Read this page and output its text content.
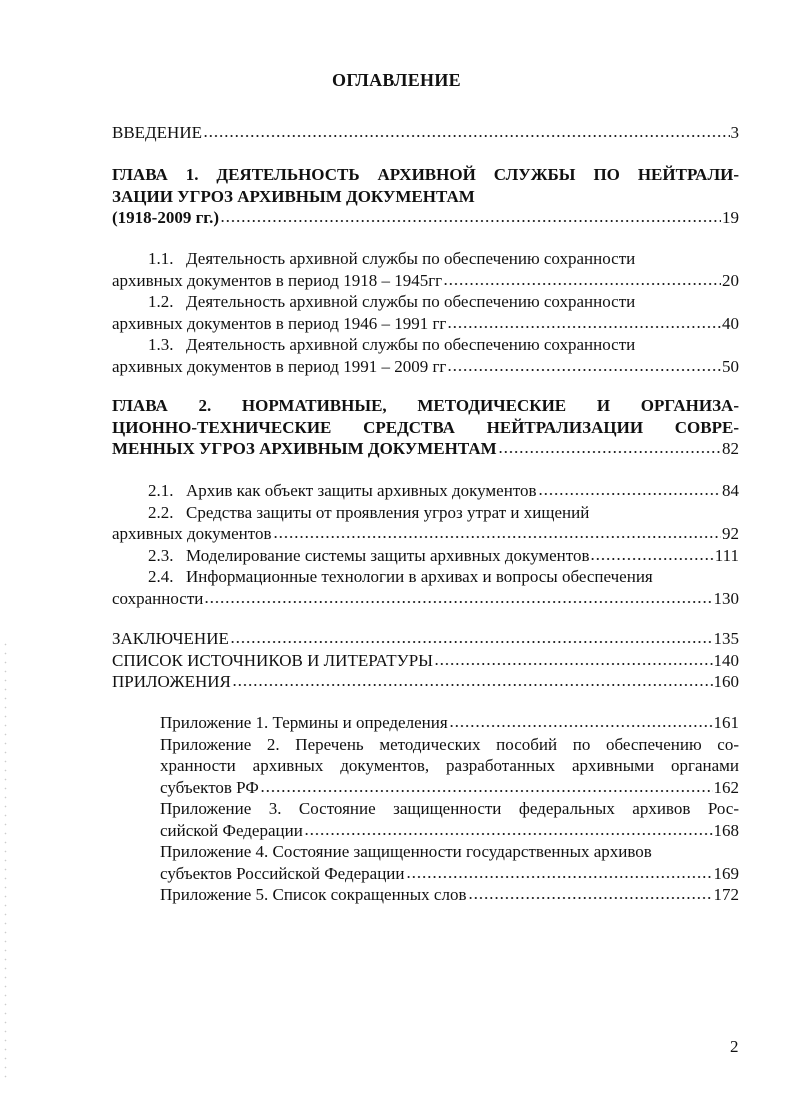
ОГЛАВЛЕНИЕ
ВВЕДЕНИЕ	3
ГЛАВА 1. ДЕЯТЕЛЬНОСТЬ АРХИВНОЙ СЛУЖБЫ ПО НЕЙТРАЛИ-
ЗАЦИИ УГРОЗ АРХИВНЫМ ДОКУМЕНТАМ
(1918-2009 гг.)	19
1.1. Деятельность архивной службы по обеспечению сохранности
архивных документов в период 1918 – 1945гг	20
1.2. Деятельность архивной службы по обеспечению сохранности
архивных документов в период 1946 – 1991 гг	40
1.3. Деятельность архивной службы по обеспечению сохранности
архивных документов в период 1991 – 2009 гг	50
ГЛАВА 2. НОРМАТИВНЫЕ, МЕТОДИЧЕСКИЕ И ОРГАНИЗА-
ЦИОННО-ТЕХНИЧЕСКИЕ СРЕДСТВА НЕЙТРАЛИЗАЦИИ СОВРЕ-
МЕННЫХ УГРОЗ АРХИВНЫМ ДОКУМЕНТАМ	82
2.1. Архив как объект защиты архивных документов	84
2.2. Средства защиты от проявления угроз утрат и хищений
архивных документов	92
2.3. Моделирование системы защиты архивных документов	111
2.4. Информационные технологии в архивах и вопросы обеспечения
сохранности	130
ЗАКЛЮЧЕНИЕ	135
СПИСОК ИСТОЧНИКОВ И ЛИТЕРАТУРЫ	140
ПРИЛОЖЕНИЯ	160
Приложение 1. Термины и определения	161
Приложение 2. Перечень методических пособий по обеспечению со-
хранности архивных документов, разработанных архивными органами
субъектов РФ	162
Приложение 3. Состояние защищенности федеральных архивов Рос-
сийской Федерации	168
Приложение 4. Состояние защищенности государственных архивов
субъектов Российской Федерации	169
Приложение 5. Список сокращенных слов	172
2
